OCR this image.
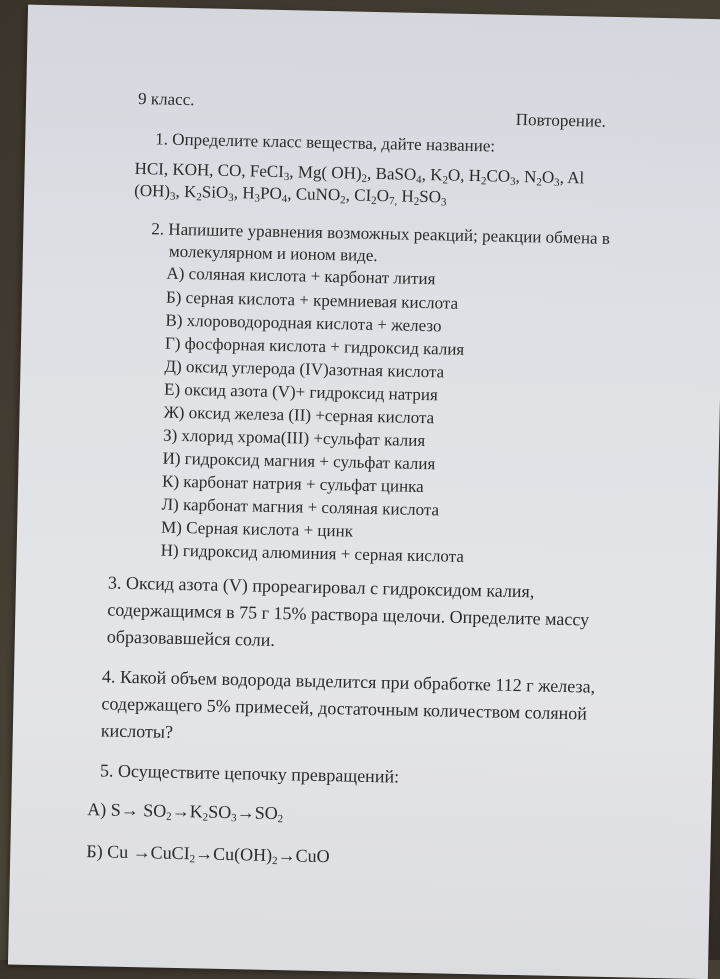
9 класс.
Повторение.
1. Определите класс вещества, дайте название:
HCI, KOH, CO, FeCI$_3$, Mg( $OH)_2$, BaSO$_4$, $K_2O$, $H_2CO_3$, $N_2O_3$, Al
$(OH)_3$, $K_2SiO_3$, $H_3PO_4$, CuNO$_2$, $CI_2O_{7,}$ $H_2SO_3$
2. Напишите уравнения возможных реакций; реакции обмена в
молекулярном и ионом виде.
А) соляная кислота + карбонат лития
Б) серная кислота + кремниевая кислота
В) хлороводородная кислота + железо
Г) фосфорная кислота + гидроксид калия
Д) оксид углерода (IV)азотная кислота
Е) оксид азота (V)+ гидроксид натрия
Ж) оксид железа (II) +серная кислота
З) хлорид хрома(III) +сульфат калия
И) гидроксид магния + сульфат калия
К) карбонат натрия + сульфат цинка
Л) карбонат магния + соляная кислота
М) Серная кислота + цинк
Н) гидроксид алюминия + серная кислота
3. Оксид азота (V) прореагировал с гидроксидом калия,
содержащимся в 75 г 15% раствора щелочи. Определите массу
образовавшейся соли.
4. Какой объем водорода выделится при обработке 112 г железа,
содержащего 5% примесей, достаточным количеством соляной
кислоты?
5. Осуществите цепочку превращений:
А) $S\to SO_2\to K_2SO_3\to SO_2$
Б) $Cu \to CuCI_2\to Cu(OH)_2\to CuO$
